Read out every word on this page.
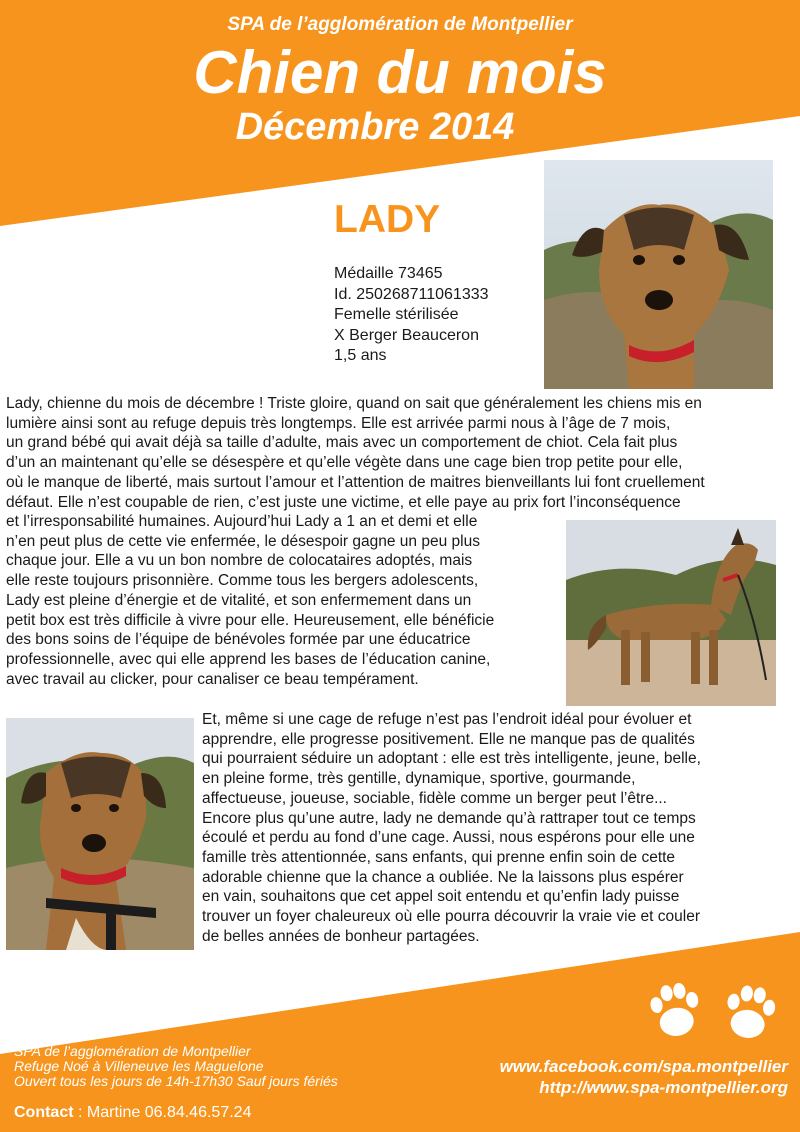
SPA de l’agglomération de Montpellier
Chien du mois
Décembre 2014
LADY
Médaille 73465
Id. 250268711061333
Femelle stérilisée
X Berger Beauceron
1,5 ans
Lady, chienne du mois de décembre ! Triste gloire, quand on sait que généralement les chiens mis en
lumière ainsi sont au refuge depuis très longtemps. Elle est arrivée parmi nous à l’âge de 7 mois,
un grand bébé qui avait déjà sa taille d’adulte, mais avec un comportement de chiot. Cela fait plus
d’un an maintenant qu’elle se désespère et qu’elle végète dans une cage bien trop petite pour elle,
où le manque de liberté, mais surtout l’amour et l’attention de maitres bienveillants lui font cruellement
défaut. Elle n’est coupable de rien, c’est juste une victime, et elle paye au prix fort l’inconséquence
et l’irresponsabilité humaines. Aujourd’hui Lady a 1 an et demi et elle
n’en peut plus de cette vie enfermée, le désespoir gagne un peu plus
chaque jour. Elle a vu un bon nombre de colocataires adoptés, mais
elle reste toujours prisonnière. Comme tous les bergers adolescents,
Lady est pleine d’énergie et de vitalité, et son enfermement dans un
petit box est très difficile à vivre pour elle. Heureusement, elle bénéficie
des bons soins de l’équipe de bénévoles formée par une éducatrice
professionnelle, avec qui elle apprend les bases de l’éducation canine,
avec travail au clicker, pour canaliser ce beau tempérament.
Et, même si une cage de refuge n’est pas l’endroit idéal pour évoluer et
apprendre, elle progresse positivement. Elle ne manque pas de qualités
qui pourraient séduire un adoptant : elle est très intelligente, jeune, belle,
en pleine forme, très gentille, dynamique, sportive, gourmande,
affectueuse, joueuse, sociable, fidèle comme un berger peut l’être...
Encore plus qu’une autre, lady ne demande qu’à rattraper tout ce temps
écoulé et perdu au fond d’une cage. Aussi, nous espérons pour elle une
famille très attentionnée, sans enfants, qui prenne enfin soin de cette
adorable chienne que la chance a oubliée. Ne la laissons plus espérer
en vain, souhaitons que cet appel soit entendu et qu’enfin lady puisse
trouver un foyer chaleureux où elle pourra découvrir la vraie vie et couler
de belles années de bonheur partagées.
SPA de l’agglomération de Montpellier
Refuge Noé à Villeneuve les Maguelone
Ouvert tous les jours de 14h-17h30 Sauf jours fériés
Contact : Martine 06.84.46.57.24
www.facebook.com/spa.montpellier
http://www.spa-montpellier.org
